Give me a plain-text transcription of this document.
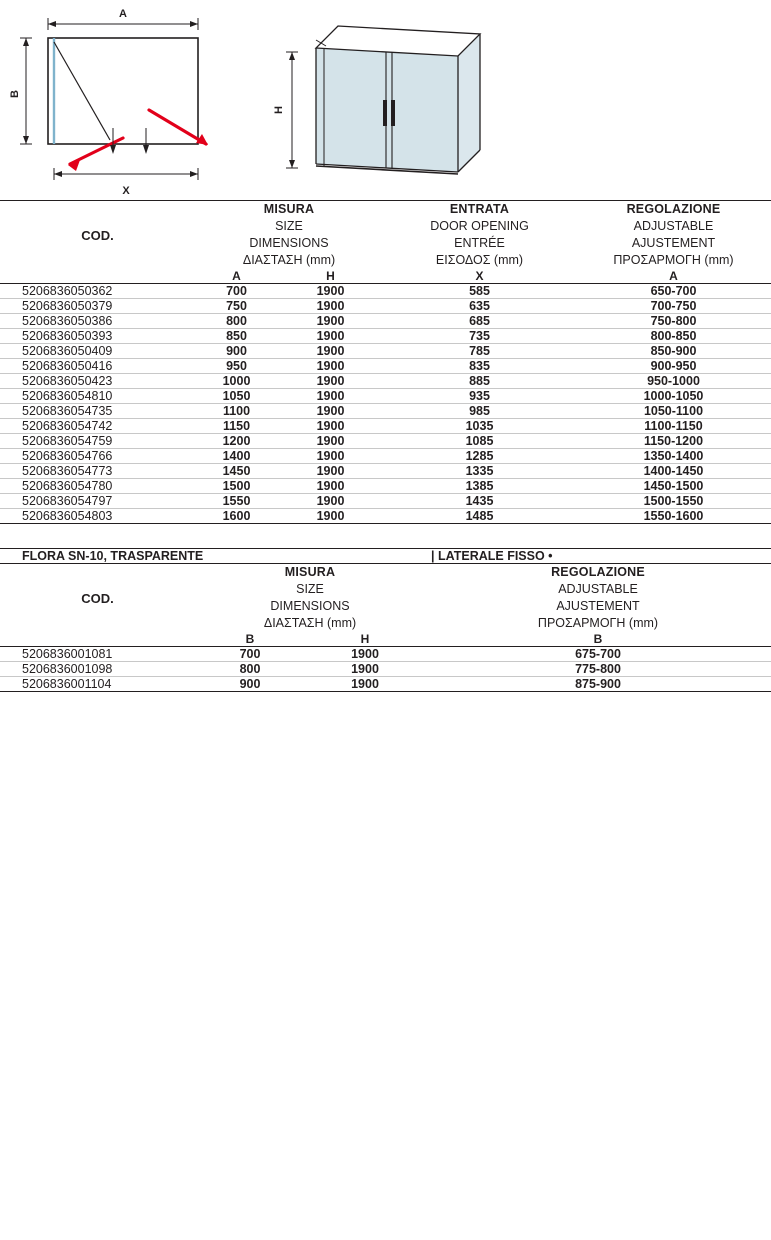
A
B
X
H
COD.	
MISURA
SIZE
DIMENSIONS
ΔΙΑΣΤΑΣΗ (mm)

ENTRATA
DOOR OPENING
ENTRÉE
ΕΙΣΟΔΟΣ (mm)

REGOLAZIONE
ADJUSTABLE
AJUSTEMENT
ΠΡΟΣΑΡΜΟΓΗ (mm)

	A	H	X	A
5206836050362	700	1900	585	650-700
5206836050379	750	1900	635	700-750
5206836050386	800	1900	685	750-800
5206836050393	850	1900	735	800-850
5206836050409	900	1900	785	850-900
5206836050416	950	1900	835	900-950
5206836050423	1000	1900	885	950-1000
5206836054810	1050	1900	935	1000-1050
5206836054735	1100	1900	985	1050-1100
5206836054742	1150	1900	1035	1100-1150
5206836054759	1200	1900	1085	1150-1200
5206836054766	1400	1900	1285	1350-1400
5206836054773	1450	1900	1335	1400-1450
5206836054780	1500	1900	1385	1450-1500
5206836054797	1550	1900	1435	1500-1550
5206836054803	1600	1900	1485	1550-1600
FLORA SN-10, TRASPARENTE			| LATERALE FISSO •
COD.	
MISURA
SIZE
DIMENSIONS
ΔΙΑΣΤΑΣΗ (mm)

REGOLAZIONE
ADJUSTABLE
AJUSTEMENT
ΠΡΟΣΑΡΜΟΓΗ (mm)

	B	H	B
5206836001081	700	1900	675-700
5206836001098	800	1900	775-800
5206836001104	900	1900	875-900
